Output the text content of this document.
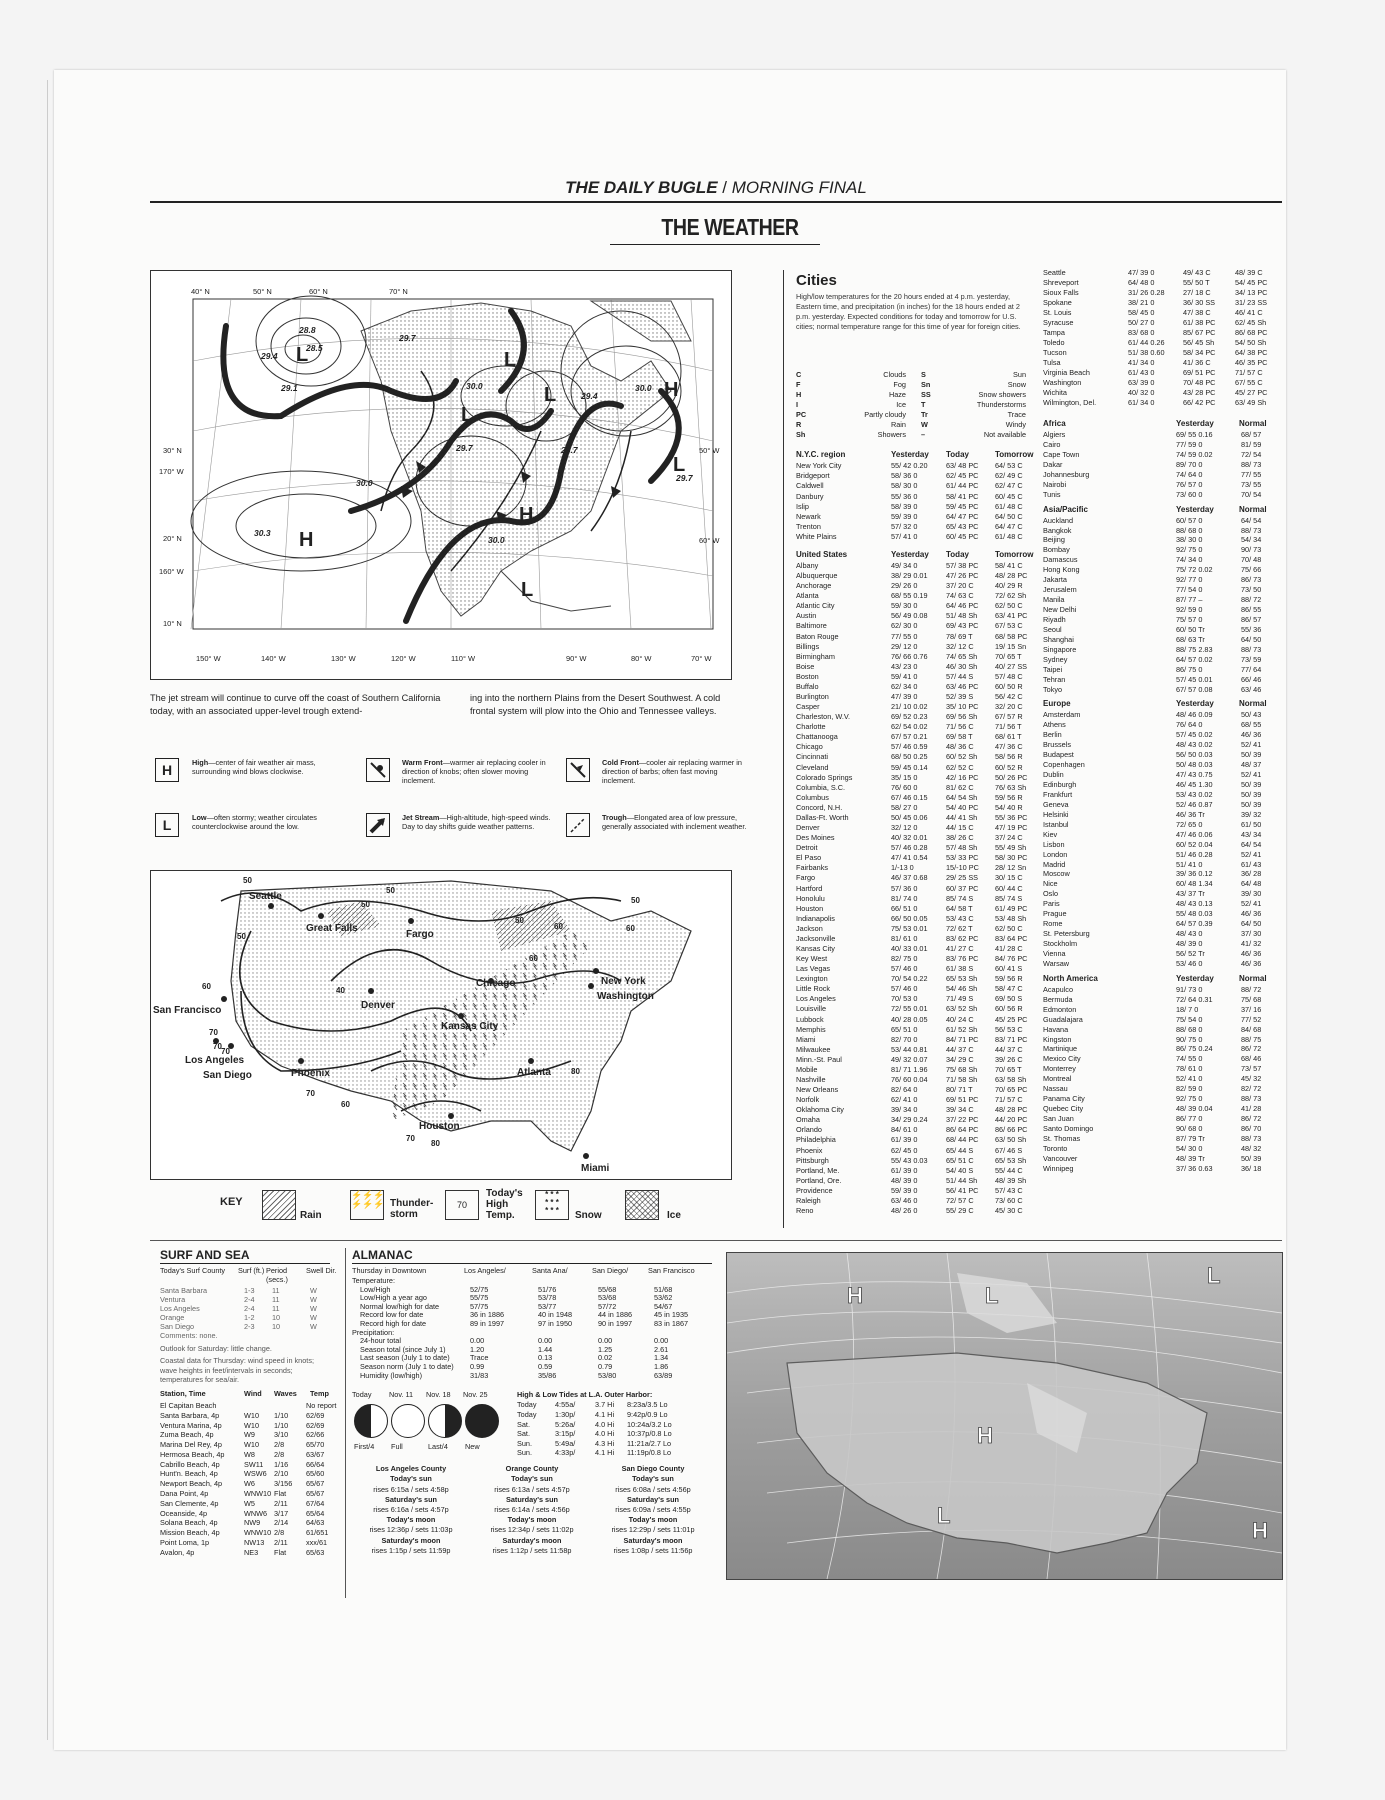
THE DAILY BUGLE / MORNING FINAL
THE WEATHER
L	L
L
L
L
L
H
H
H
28.8
28.5
29.7
29.4
29.1	30.0	30.0
29.4
28.7
29.7
30.0	29.7
30.3
30.0
40° N	50° N	60° N	70° N
30° N
170° W
20° N
160° W
10° N
50° W
60° W
150° W	140° W	130° W	120° W	110° W	90° W	80° W	70° W
The jet stream will continue to curve off the coast of Southern California today, with an associated upper-level trough extend-
ing into the northern Plains from the Desert Southwest. A cold frontal system will plow into the Ohio and Tennessee valleys.
H	High—center of fair weather air mass, surrounding wind blows clockwise.
Warm Front—warmer air replacing cooler in direction of knobs; often slower moving inclement.
Cold Front—cooler air replacing warmer in direction of barbs; often fast moving inclement.
L	Low—often stormy; weather circulates counterclockwise around the low.
Jet Stream—High-altitude, high-speed winds. Day to day shifts guide weather patterns.
Trough—Elongated area of low pressure, generally associated with inclement weather.
Seattle
Great Falls
Fargo
San Francisco	Denver
Chicago	New York
Washington
Los Angeles
San Diego	Phoenix
Kansas City
Atlanta
Houston
Miami
50
50
50
50
50
60
60
60
60	40
70
70
70
70
60
80
70
80
50
KEY
Rain
⚡⚡⚡
⚡⚡⚡ Thunder-
storm
70
Today's
High
Temp.
* * *
* * *
* * *	Snow	Ice
Cities
High/low temperatures for the 20 hours ended at 4 p.m. yesterday, Eastern time, and precipitation (in inches) for the 18 hours ended at 2 p.m. yesterday. Expected conditions for today and tomorrow for U.S. cities; normal temperature range for this time of year for foreign cities.
C	Clouds S	Sun
F	Fog Sn	Snow
H	Haze SS	Snow showers
I	Ice T	Thunderstorms
PC	Partly cloudy Tr	Trace
R	Rain W	Windy
Sh	Showers –	Not available
N.Y.C. region	Yesterday Today	Tomorrow
New York City	55/ 42 0.20	63/ 48 PC 64/ 53 C
Bridgeport	58/ 36 0	62/ 45 PC 62/ 49 C
Caldwell	58/ 30 0	61/ 44 PC 62/ 47 C
Danbury	55/ 36 0	58/ 41 PC 60/ 45 C
Islip	58/ 39 0	59/ 45 PC 61/ 48 C
Newark	59/ 39 0	64/ 47 PC 64/ 50 C
Trenton	57/ 32 0	65/ 43 PC 64/ 47 C
White Plains	57/ 41 0	60/ 45 PC 61/ 48 C
United States	Yesterday Today	Tomorrow
Albany	49/ 34 0	57/ 38 PC 58/ 41 C
Albuquerque	38/ 29 0.01	47/ 26 PC 48/ 28 PC
Anchorage	29/ 26 0	37/ 20 C	40/ 29 R
Atlanta	68/ 55 0.19	74/ 63 C	72/ 62 Sh
Atlantic City	59/ 30 0	64/ 46 PC 62/ 50 C
Austin	56/ 49 0.08	51/ 48 Sh 63/ 41 PC
Baltimore	62/ 30 0	69/ 43 PC 67/ 53 C
Baton Rouge	77/ 55 0	78/ 69 T	68/ 58 PC
Billings	29/ 12 0	32/ 12 C	19/ 15 Sn
Birmingham	76/ 66 0.76	74/ 65 Sh 70/ 65 T
Boise	43/ 23 0	46/ 30 Sh 40/ 27 SS
Boston	59/ 41 0	57/ 44 S	57/ 48 C
Buffalo	62/ 34 0	63/ 46 PC 60/ 50 R
Burlington	47/ 39 0	52/ 39 S	56/ 42 C
Casper	21/ 10 0.02	35/ 10 PC 32/ 20 C
Charleston, W.V.	69/ 52 0.23	69/ 56 Sh 67/ 57 R
Charlotte	62/ 54 0.02	71/ 56 C	71/ 56 T
Chattanooga	67/ 57 0.21	69/ 58 T	68/ 61 T
Chicago	57/ 46 0.59	48/ 36 C	47/ 36 C
Cincinnati	68/ 50 0.25	60/ 52 Sh 58/ 56 R
Cleveland	59/ 45 0.14	62/ 52 C	60/ 52 R
Colorado Springs	35/ 15 0	42/ 16 PC 50/ 26 PC
Columbia, S.C.	76/ 60 0	81/ 62 C	76/ 63 Sh
Columbus	67/ 46 0.15	64/ 54 Sh 59/ 56 R
Concord, N.H.	58/ 27 0	54/ 40 PC 54/ 40 R
Dallas-Ft. Worth	50/ 45 0.06	44/ 41 Sh 55/ 36 PC
Denver	32/ 12 0	44/ 15 C	47/ 19 PC
Des Moines	40/ 32 0.01	38/ 26 C	37/ 24 C
Detroit	57/ 46 0.28	57/ 48 Sh 55/ 49 Sh
El Paso	47/ 41 0.54	53/ 33 PC 58/ 30 PC
Fairbanks	1/-13 0	15/-10 PC 28/ 12 Sn
Fargo	46/ 37 0.68	29/ 25 SS 30/ 15 C
Hartford	57/ 36 0	60/ 37 PC 60/ 44 C
Honolulu	81/ 74 0	85/ 74 S	85/ 74 S
Houston	66/ 51 0	64/ 58 T	61/ 49 PC
Indianapolis	66/ 50 0.05	53/ 43 C	53/ 48 Sh
Jackson	75/ 53 0.01	72/ 62 T	62/ 50 C
Jacksonville	81/ 61 0	83/ 62 PC 83/ 64 PC
Kansas City	40/ 33 0.01	41/ 27 C	41/ 28 C
Key West	82/ 75 0	83/ 76 PC 84/ 76 PC
Las Vegas	57/ 46 0	61/ 38 S	60/ 41 S
Lexington	70/ 54 0.22	65/ 53 Sh 59/ 56 R
Little Rock	57/ 46 0	54/ 46 Sh 58/ 47 C
Los Angeles	70/ 53 0	71/ 49 S	69/ 50 S
Louisville	72/ 55 0.01	63/ 52 Sh 60/ 56 R
Lubbock	40/ 28 0.05	40/ 24 C	45/ 25 PC
Memphis	65/ 51 0	61/ 52 Sh 56/ 53 C
Miami	82/ 70 0	84/ 71 PC 83/ 71 PC
Milwaukee	53/ 44 0.81	44/ 37 C	44/ 37 C
Minn.-St. Paul	49/ 32 0.07	34/ 29 C	39/ 26 C
Mobile	81/ 71 1.96	75/ 68 Sh 70/ 65 T
Nashville	76/ 60 0.04	71/ 58 Sh 63/ 58 Sh
New Orleans	82/ 64 0	80/ 71 T	70/ 65 PC
Norfolk	62/ 41 0	69/ 51 PC 71/ 57 C
Oklahoma City	39/ 34 0	39/ 34 C	48/ 28 PC
Omaha	34/ 29 0.24	37/ 22 PC 44/ 20 PC
Orlando	84/ 61 0	86/ 64 PC 86/ 66 PC
Philadelphia	61/ 39 0	68/ 44 PC 63/ 50 Sh
Phoenix	62/ 45 0	65/ 44 S	67/ 46 S
Pittsburgh	55/ 43 0.03	65/ 51 C	65/ 53 Sh
Portland, Me.	61/ 39 0	54/ 40 S	55/ 44 C
Portland, Ore.	48/ 39 0	51/ 44 Sh 48/ 39 Sh
Providence	59/ 39 0	56/ 41 PC 57/ 43 C
Raleigh	63/ 46 0	72/ 57 C	73/ 60 C
Reno	48/ 26 0	55/ 29 C	45/ 30 C
Seattle	47/ 39 0	49/ 43 C	48/ 39 C
Shreveport	64/ 48 0	55/ 50 T	54/ 45 PC
Sioux Falls	31/ 26 0.28	27/ 18 C	34/ 13 PC
Spokane	38/ 21 0	36/ 30 SS	31/ 23 SS
St. Louis	58/ 45 0	47/ 38 C	46/ 41 C
Syracuse	50/ 27 0	61/ 38 PC	62/ 45 Sh
Tampa	83/ 68 0	85/ 67 PC	86/ 68 PC
Toledo	61/ 44 0.26	56/ 45 Sh	54/ 50 Sh
Tucson	51/ 38 0.60	58/ 34 PC	64/ 38 PC
Tulsa	41/ 34 0	41/ 36 C	46/ 35 PC
Virginia Beach	61/ 43 0	69/ 51 PC	71/ 57 C
Washington	63/ 39 0	70/ 48 PC	67/ 55 C
Wichita	40/ 32 0	43/ 28 PC	45/ 27 PC
Wilmington, Del.	61/ 34 0	66/ 42 PC	63/ 49 Sh
Africa	Yesterday	Normal
Algiers	69/ 55 0.16	68/ 57
Cairo	77/ 59 0	81/ 59
Cape Town	74/ 59 0.02	72/ 54
Dakar	89/ 70 0	88/ 73
Johannesburg	74/ 64 0	77/ 55
Nairobi	76/ 57 0	73/ 55
Tunis	73/ 60 0	70/ 54
Asia/Pacific	Yesterday	Normal
Auckland	60/ 57 0	64/ 54
Bangkok	88/ 68 0	88/ 73
Beijing	38/ 30 0	54/ 34
Bombay	92/ 75 0	90/ 73
Damascus	74/ 34 0	70/ 48
Hong Kong	75/ 72 0.02	75/ 66
Jakarta	92/ 77 0	86/ 73
Jerusalem	77/ 54 0	73/ 50
Manila	87/ 77 –	88/ 72
New Delhi	92/ 59 0	86/ 55
Riyadh	75/ 57 0	86/ 57
Seoul	60/ 50 Tr	55/ 36
Shanghai	68/ 63 Tr	64/ 50
Singapore	88/ 75 2.83	88/ 73
Sydney	64/ 57 0.02	73/ 59
Taipei	86/ 75 0	77/ 64
Tehran	57/ 45 0.01	66/ 46
Tokyo	67/ 57 0.08	63/ 46
Europe	Yesterday	Normal
Amsterdam	48/ 46 0.09	50/ 43
Athens	76/ 64 0	68/ 55
Berlin	57/ 45 0.02	46/ 36
Brussels	48/ 43 0.02	52/ 41
Budapest	56/ 50 0.03	50/ 39
Copenhagen	50/ 48 0.03	48/ 37
Dublin	47/ 43 0.75	52/ 41
Edinburgh	46/ 45 1.30	50/ 39
Frankfurt	53/ 43 0.02	50/ 39
Geneva	52/ 46 0.87	50/ 39
Helsinki	46/ 36 Tr	39/ 32
Istanbul	72/ 65 0	61/ 50
Kiev	47/ 46 0.06	43/ 34
Lisbon	60/ 52 0.04	64/ 54
London	51/ 46 0.28	52/ 41
Madrid	51/ 41 0	61/ 43
Moscow	39/ 36 0.12	36/ 28
Nice	60/ 48 1.34	64/ 48
Oslo	43/ 37 Tr	39/ 30
Paris	48/ 43 0.13	52/ 41
Prague	55/ 48 0.03	46/ 36
Rome	64/ 57 0.39	64/ 50
St. Petersburg	48/ 43 0	37/ 30
Stockholm	48/ 39 0	41/ 32
Vienna	56/ 52 Tr	46/ 36
Warsaw	53/ 46 0	46/ 36
North America	Yesterday	Normal
Acapulco	91/ 73 0	88/ 72
Bermuda	72/ 64 0.31	75/ 68
Edmonton	18/ 7 0	37/ 16
Guadalajara	75/ 54 0	77/ 52
Havana	88/ 68 0	84/ 68
Kingston	90/ 75 0	88/ 75
Martinique	86/ 75 0.24	86/ 72
Mexico City	74/ 55 0	68/ 46
Monterrey	78/ 61 0	73/ 57
Montreal	52/ 41 0	45/ 32
Nassau	82/ 59 0	82/ 72
Panama City	92/ 75 0	88/ 73
Quebec City	48/ 39 0.04	41/ 28
San Juan	86/ 77 0	86/ 72
Santo Domingo	90/ 68 0	86/ 70
St. Thomas	87/ 79 Tr	88/ 73
Toronto	54/ 30 0	48/ 32
Vancouver	48/ 39 Tr	50/ 39
Winnipeg	37/ 36 0.63	36/ 18
SURF AND SEA
Today's Surf County	Surf (ft.) Period (secs.)
Swell Dir.
Santa Barbara	1-3 11	W
Ventura	2-4 11	W
Los Angeles	2-4 11	W
Orange	1-2 10	W
San Diego	2-3 10	W
Comments: none.
Outlook for Saturday: little change.
Coastal data for Thursday: wind speed in knots; wave heights in feet/intervals in seconds; temperatures for sea/air.
Station, Time	Wind Waves Temp
El Capitan Beach	No report
Santa Barbara, 4p	W10 1/10 62/69
Ventura Marina, 4p	W10 1/10 62/69
Zuma Beach, 4p	W9	3/10 62/66
Marina Del Rey, 4p	W10 2/8	65/70
Hermosa Beach, 4p	W8	2/8	63/67
Cabrillo Beach, 4p	SW11 1/16 66/64
Hunt'n. Beach, 4p	WSW6 2/10 65/60
Newport Beach, 4p	W6	3/156 65/67
Dana Point, 4p	WNW10 Flat	65/67
San Clemente, 4p	W5	2/11	67/64
Oceanside, 4p	WNW6 3/17 65/64
Solana Beach, 4p	NW9 2/14 64/63
Mission Beach, 4p	WNW10 2/8	61/651
Point Loma, 1p	NW13 2/11	xxx/61
Avalon, 4p	NE3 Flat	65/63
ALMANAC
Thursday in Downtown	Los Angeles/	Santa Ana/	San Diego/	San Francisco
Temperature:
Low/High	52/75	51/76	55/68	51/68
Low/High a year ago	55/75	53/78	53/68	53/62
Normal low/high for date	57/75	53/77	57/72	54/67
Record low for date	36 in 1886	40 in 1948	44 in 1886	45 in 1935
Record high for date	89 in 1997	97 in 1950	90 in 1997	83 in 1867
Precipitation:
24-hour total	0.00	0.00	0.00	0.00
Season total (since July 1)	1.20	1.44	1.25	2.61
Last season (July 1 to date)	Trace	0.13	0.02	1.34
Season norm (July 1 to date) 0.99	0.59	0.79	1.86
Humidity (low/high)	31/83	35/86	53/80	63/89
Today Nov. 11 Nov. 18 Nov. 25
First/4 Full	Last/4 New
High & Low Tides at L.A. Outer Harbor:
Today	4:55a/	3.7 Hi 8:23a/3.5 Lo
Today	1:30p/	4.1 Hi 9:42p/0.9 Lo
Sat.	5:26a/	4.0 Hi 10:24a/3.2 Lo
Sat.	3:15p/	4.0 Hi 10:37p/0.8 Lo
Sun.	5:49a/	4.3 Hi 11:21a/2.7 Lo
Sun.	4:33p/	4.1 Hi 11:19p/0.8 Lo
Los Angeles County
Today's sun
rises 6:15a / sets 4:58p
Saturday's sun
rises 6:16a / sets 4:57p
Today's moon
rises 12:36p / sets 11:03p
Saturday's moon
rises 1:15p / sets 11:59p
Orange County
Today's sun
rises 6:13a / sets 4:57p
Saturday's sun
rises 6:14a / sets 4:56p
Today's moon
rises 12:34p / sets 11:02p
Saturday's moon
rises 1:12p / sets 11:58p
San Diego County
Today's sun
rises 6:08a / sets 4:56p
Saturday's sun
rises 6:09a / sets 4:55p
Today's moon
rises 12:29p / sets 11:01p
Saturday's moon
rises 1:08p / sets 11:56p
H	L
H
L
H
L
